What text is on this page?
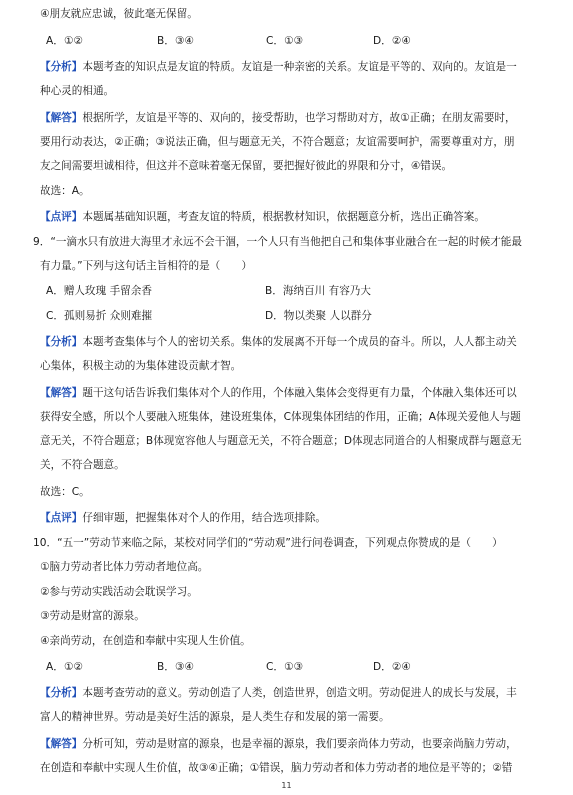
④朋友就应忠诚，彼此毫无保留。
A．①②	B．③④	C．①③	D．②④
【分析】本题考查的知识点是友谊的特质。友谊是一种亲密的关系。友谊是平等的、双向的。友谊是一
种心灵的相通。
【解答】根据所学，友谊是平等的、双向的，接受帮助，也学习帮助对方，故①正确；在朋友需要时，
要用行动表达，②正确；③说法正确，但与题意无关，不符合题意；友谊需要呵护，需要尊重对方，朋
友之间需要坦诚相待，但这并不意味着毫无保留，要把握好彼此的界限和分寸，④错误。
故选：A。
【点评】本题属基础知识题，考查友谊的特质，根据教材知识，依据题意分析，选出正确答案。
9．“一滴水只有放进大海里才永远不会干涸，一个人只有当他把自己和集体事业融合在一起的时候才能最
有力量。”下列与这句话主旨相符的是（　　）
A．赠人玫瑰 手留余香	B．海纳百川 有容乃大
C．孤则易折 众则难摧	D．物以类聚 人以群分
【分析】本题考查集体与个人的密切关系。集体的发展离不开每一个成员的奋斗。所以，人人都主动关
心集体，积极主动的为集体建设贡献才智。
【解答】题干这句话告诉我们集体对个人的作用，个体融入集体会变得更有力量，个体融入集体还可以
获得安全感，所以个人要融入班集体，建设班集体，C体现集体团结的作用，正确；A体现关爱他人与题
意无关，不符合题意；B体现宽容他人与题意无关，不符合题意；D体现志同道合的人相聚成群与题意无
关，不符合题意。
故选：C。
【点评】仔细审题，把握集体对个人的作用，结合选项排除。
10．“五一”劳动节来临之际，某校对同学们的“劳动观”进行问卷调查，下列观点你赞成的是（　　）
①脑力劳动者比体力劳动者地位高。
②参与劳动实践活动会耽误学习。
③劳动是财富的源泉。
④亲尚劳动，在创造和奉献中实现人生价值。
A．①②	B．③④	C．①③	D．②④
【分析】本题考查劳动的意义。劳动创造了人类，创造世界，创造文明。劳动促进人的成长与发展，丰
富人的精神世界。劳动是美好生活的源泉，是人类生存和发展的第一需要。
【解答】分析可知，劳动是财富的源泉，也是幸福的源泉，我们要亲尚体力劳动，也要亲尚脑力劳动，
在创造和奉献中实现人生价值，故③④正确；①错误，脑力劳动者和体力劳动者的地位是平等的；②错
11
